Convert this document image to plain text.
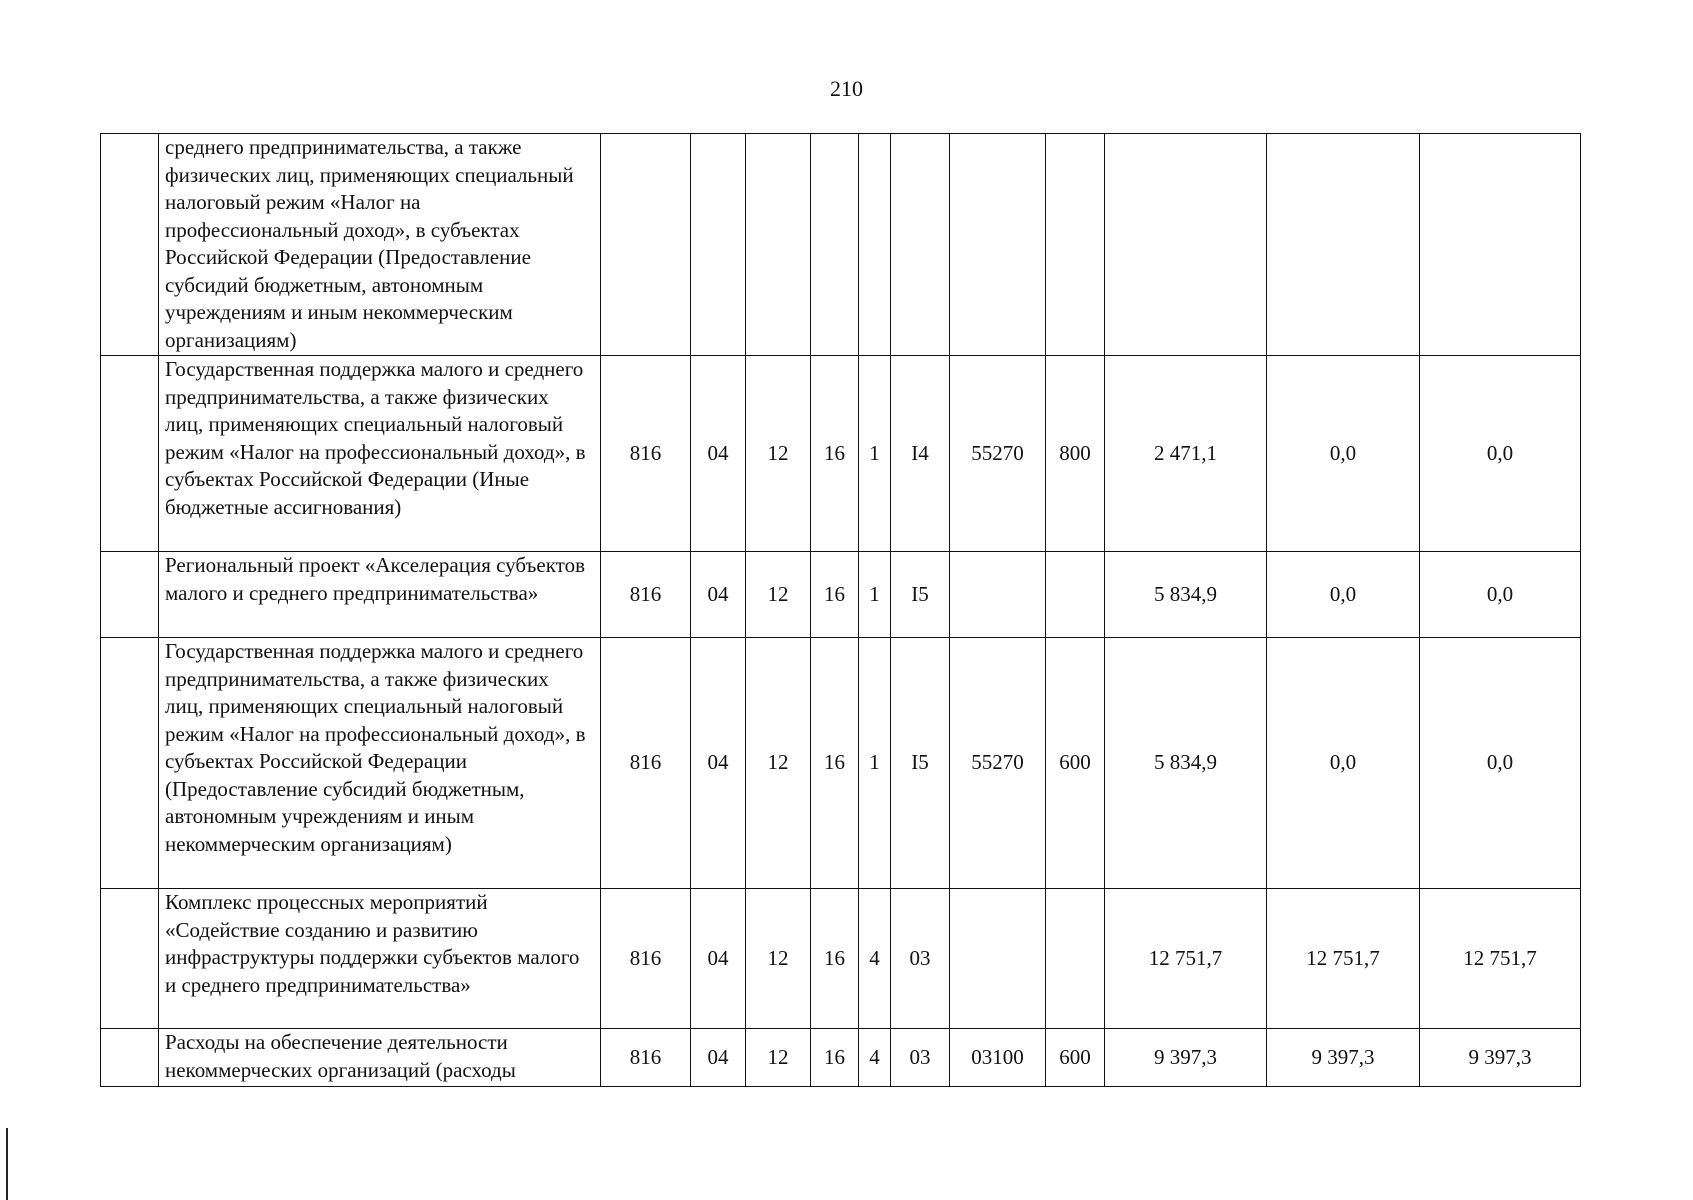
210
	среднего предпринимательства, а также физических лиц, применяющих специальный налоговый режим «Налог на профессиональный доход», в субъектах Российской Федерации (Предоставление субсидий бюджетным, автономным учреждениям и иным некоммерческим организациям)											
	Государственная поддержка малого и среднего предпринимательства, а также физических лиц, применяющих специальный налоговый режим «Налог на профессиональный доход», в субъектах Российской Федерации (Иные бюджетные ассигнования)	816	04	12	16	1	I4	55270	800	2 471,1	0,0	0,0
	Региональный проект «Акселерация субъектов малого и среднего предпринимательства»	816	04	12	16	1	I5			5 834,9	0,0	0,0
	Государственная поддержка малого и среднего предпринимательства, а также физических лиц, применяющих специальный налоговый режим «Налог на профессиональный доход», в субъектах Российской Федерации (Предоставление субсидий бюджетным, автономным учреждениям и иным некоммерческим организациям)	816	04	12	16	1	I5	55270	600	5 834,9	0,0	0,0
	Комплекс процессных мероприятий «Содействие созданию и развитию инфраструктуры поддержки субъектов малого и среднего предпринимательства»	816	04	12	16	4	03			12 751,7	12 751,7	12 751,7
	Расходы на обеспечение деятельности некоммерческих организаций (расходы	816	04	12	16	4	03	03100	600	9 397,3	9 397,3	9 397,3
